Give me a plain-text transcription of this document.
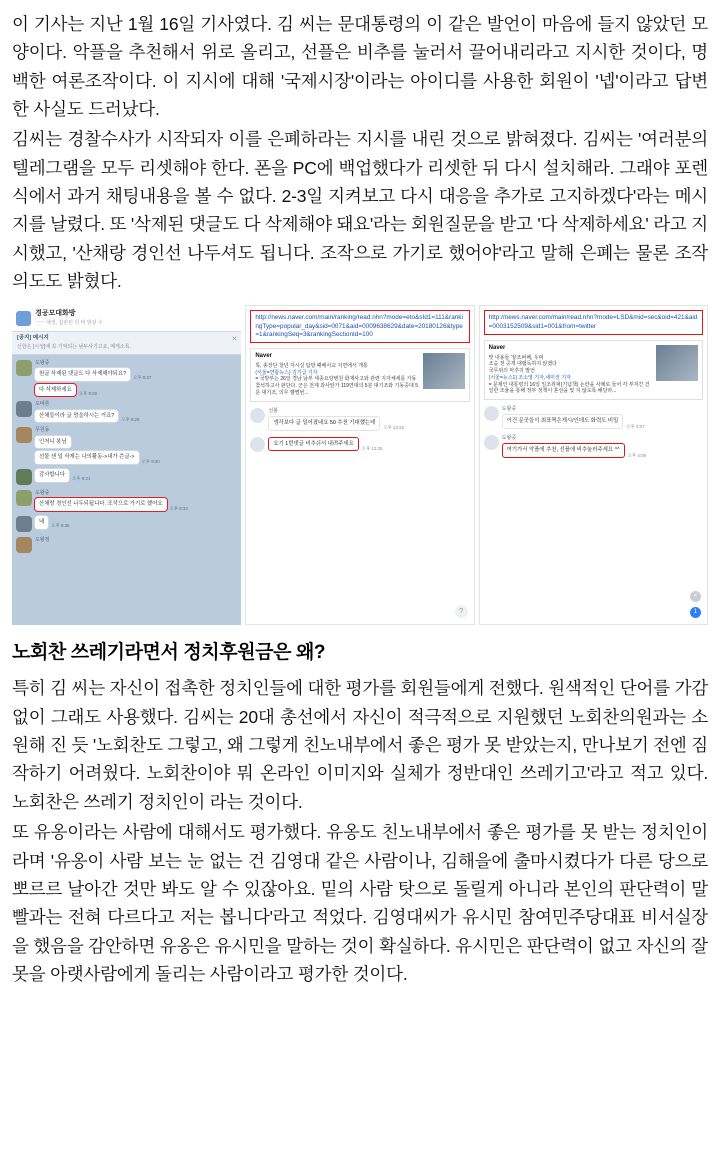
이 기사는 지난 1월 16일 기사였다. 김 씨는 문대통령의 이 같은 발언이 마음에 들지 않았던 모양이다. 악플을 추천해서 위로 올리고, 선플은 비추를 눌러서 끌어내리라고 지시한 것이다, 명백한 여론조작이다. 이 지시에 대해 '국제시장'이라는 아이디를 사용한 회원이 '넵'이라고 답변한 사실도 드러났다.

김씨는 경찰수사가 시작되자 이를 은폐하라는 지시를 내린 것으로 밝혀졌다. 김씨는 '여러분의 텔레그램을 모두 리셋해야 한다. 폰을 PC에 백업했다가 리셋한 뒤 다시 설치해라. 그래야 포렌식에서 과거 채팅내용을 볼 수 없다. 2-3일 지켜보고 다시 대응을 추가로 고지하겠다'라는 메시지를 날렸다. 또 '삭제된 댓글도 다 삭제해야 돼요'라는 회원질문을 받고 '다 삭제하세요' 라고 지시했고, '산채랑 경인선 나두셔도 됩니다. 조작으로 가기로 했어야'라고 말해 은폐는 물론 조작의도도 밝혔다.

경공모대화방
ㅡㅡ 예정, 참관된 뒤 버 발광 수
[공지] 메시지
신한은 [시성]에 꼭 기억되는 낚두사기고요, 메게소록.
✕
도왕중
원글 삭제된 댓글도 다 삭제해야되요?
오후 9:27
다 삭제하세요
오후 9:28
도바론
산채들이라 글 멍을하시는 거죠?
오후 9:29
무원동
인저니 봉님
선물 샌 일 삭제는 나의활동->내가 쓴글->
오후 9:30
감사합니다
오후 9:31
도왕중
산채랑 경인선 나두되됩니다. 조작으로 가기로 했어요
오후 9:33
네
오후 9:35
도왕정
http://news.naver.com/main/ranking/read.nhn?mode=eto&sId1=111&rankingType=popular_day&sid=0071&aid=0009638629&date=20180126&type=1&rankingSeq=3&rankingSectionId=100
Naver
톡, 총장단 창년 자시실 탐방 패배사교 지면에서 개통
(서울=연합뉴스) 김기급 기자
= 국방부는 26일 경남 남부 세종요양병원 화재사고와 관련 지자체세를 가동 참석하고사 판단다. 군은 전제 과사탄가 119연대의 5분 대기조와 기동중대 5문 대기조, 의무 헬멜번...
선볼
생각보다 글 밀어졌네요 50 추천 기대했는데
오후 12:22
요기 1번댓글 비추쉬서 내려주세요
오후 12:25
?
http://news.naver.com/main/read.nhn?mode=LSD&mid=sec&oid=421&aid=0003152509&sid1=001&from=twitter
Naver
맞 내용들 '끝조퍼쎄, 우퍼
조음 천 공개 대램독하지 앉겠다
국무위의 마후리 발언
(서울=뉴스1) 조소영 기자,세미전 기자
= 문제인 대통령의 16일 일조취퍼(기념책) 논란을 사례로 들어 각 부처간 건일한 조율을 통해 정부 정책이 혼선을 및 지 않도록 해달라...
도왕중
이건 문곳들이 최표찍은게시/인데도 화력도 비밀
오후 4:07
도왕중
여기가서 악플에 추천, 선플에 비추눌러주세요 ^^
오후 4:09
<
1
노회찬 쓰레기라면서 정치후원금은 왜?

특히 김 씨는 자신이 접촉한 정치인들에 대한 평가를 회원들에게 전했다. 원색적인 단어를 가감 없이 그래도 사용했다. 김씨는 20대 총선에서 자신이 적극적으로 지원했던 노회찬의원과는 소원해 진 듯 '노회찬도 그렇고, 왜 그렇게 친노내부에서 좋은 평가 못 받았는지, 만나보기 전엔 짐작하기 어려웠다. 노회찬이야 뭐 온라인 이미지와 실체가 정반대인 쓰레기고'라고 적고 있다. 노회찬은 쓰레기 정치인이 라는 것이다.

또 유옹이라는 사람에 대해서도 평가했다. 유옹도 친노내부에서 좋은 평가를 못 받는 정치인이라며 '유옹이 사람 보는 눈 없는 건 김영대 같은 사람이나, 김해을에 출마시켰다가 다른 당으로 뽀르르 날아간 것만 봐도 알 수 있잖아요. 밑의 사람 탓으로 돌릴게 아니라 본인의 판단력이 말 빨과는 전혀 다르다고 저는 봅니다'라고 적었다. 김영대씨가 유시민 참여민주당대표 비서실장을 했음을 감안하면 유옹은 유시민을 말하는 것이 확실하다. 유시민은 판단력이 없고 자신의 잘못을 아랫사람에게 돌리는 사람이라고 평가한 것이다.
